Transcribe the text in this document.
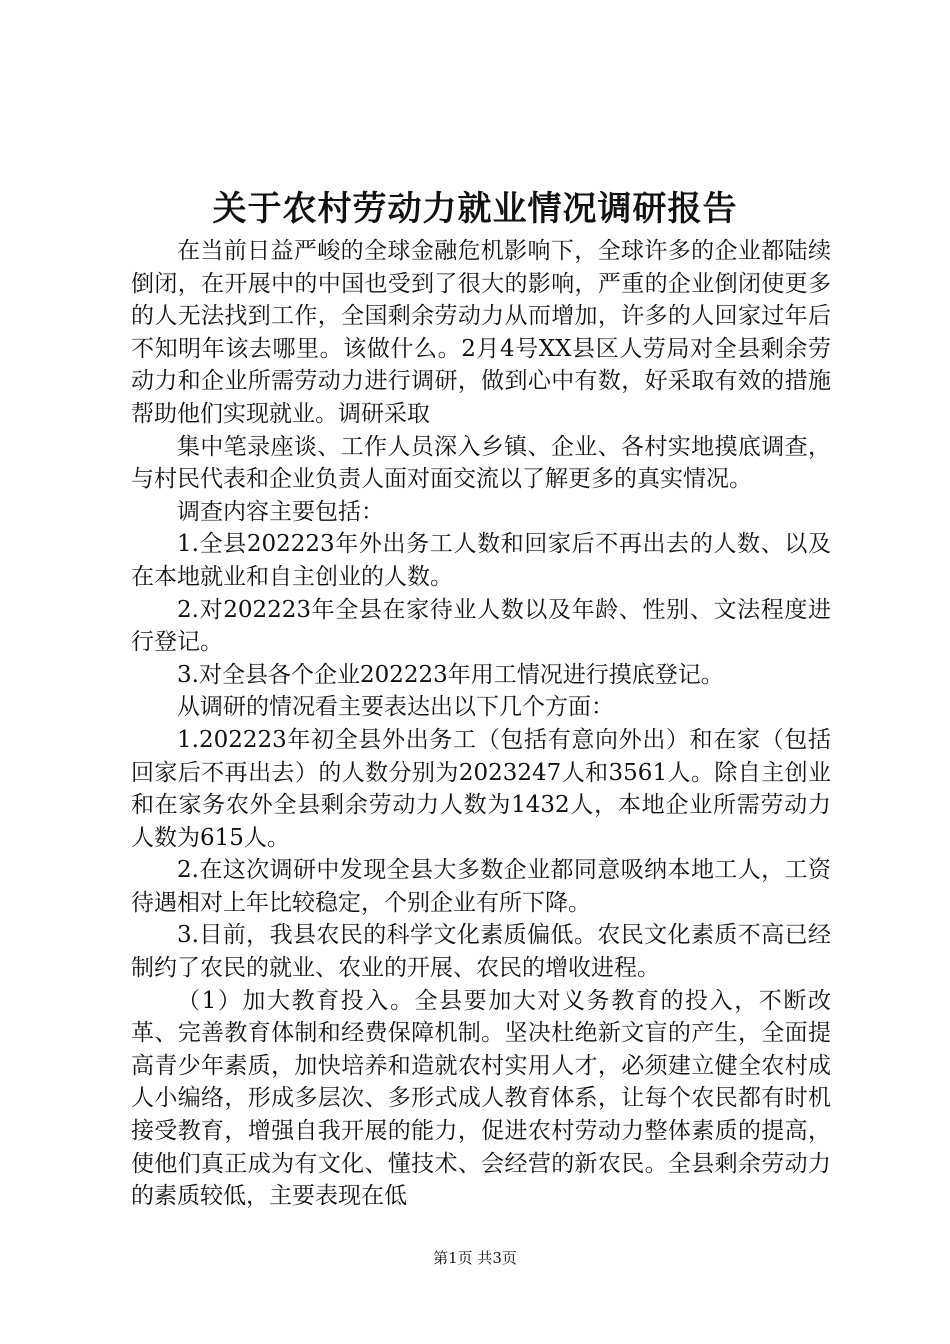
关于农村劳动力就业情况调研报告

在当前日益严峻的全球金融危机影响下，全球许多的企业都陆续倒闭，在开展中的中国也受到了很大的影响，严重的企业倒闭使更多的人无法找到工作，全国剩余劳动力从而增加，许多的人回家过年后不知明年该去哪里。该做什么。2月4号XX县区人劳局对全县剩余劳动力和企业所需劳动力进行调研，做到心中有数，好采取有效的措施帮助他们实现就业。调研采取

集中笔录座谈、工作人员深入乡镇、企业、各村实地摸底调查，与村民代表和企业负责人面对面交流以了解更多的真实情况。

调查内容主要包括：

1.全县202223年外出务工人数和回家后不再出去的人数、以及在本地就业和自主创业的人数。

2.对202223年全县在家待业人数以及年龄、性别、文法程度进行登记。

3.对全县各个企业202223年用工情况进行摸底登记。

从调研的情况看主要表达出以下几个方面：

1.202223年初全县外出务工（包括有意向外出）和在家（包括回家后不再出去）的人数分别为2023247人和3561人。除自主创业和在家务农外全县剩余劳动力人数为1432人，本地企业所需劳动力人数为615人。

2.在这次调研中发现全县大多数企业都同意吸纳本地工人，工资待遇相对上年比较稳定，个别企业有所下降。

3.目前，我县农民的科学文化素质偏低。农民文化素质不高已经制约了农民的就业、农业的开展、农民的增收进程。

（1）加大教育投入。全县要加大对义务教育的投入，不断改革、完善教育体制和经费保障机制。坚决杜绝新文盲的产生，全面提高青少年素质，加快培养和造就农村实用人才，必须建立健全农村成人小编络，形成多层次、多形式成人教育体系，让每个农民都有时机接受教育，增强自我开展的能力，促进农村劳动力整体素质的提高，使他们真正成为有文化、懂技术、会经营的新农民。全县剩余劳动力的素质较低，主要表现在低

第1页 共3页
